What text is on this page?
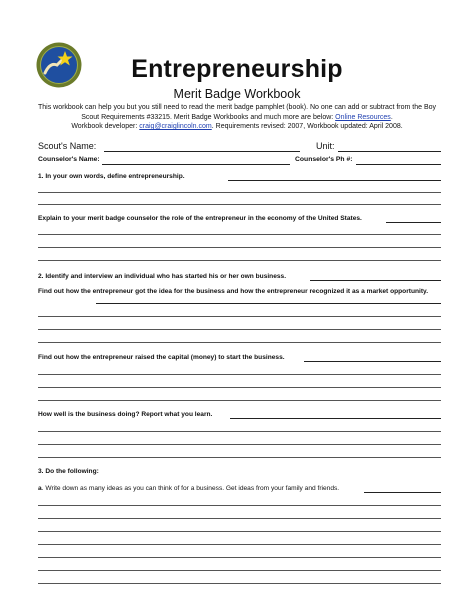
Entrepreneurship
Merit Badge Workbook
This workbook can help you but you still need to read the merit badge pamphlet (book). No one can add or subtract from the Boy
Scout Requirements #33215. Merit Badge Workbooks and much more are below: Online Resources.
Workbook developer: craig@craiglincoln.com. Requirements revised: 2007, Workbook updated: April 2008.
Scout's Name:	Unit:
Counselor's Name:	Counselor's Ph #:
1. In your own words, define entrepreneurship.
Explain to your merit badge counselor the role of the entrepreneur in the economy of the United States.
2. Identify and interview an individual who has started his or her own business.
Find out how the entrepreneur got the idea for the business and how the entrepreneur recognized it as a market opportunity.
Find out how the entrepreneur raised the capital (money) to start the business.
How well is the business doing? Report what you learn.
3. Do the following:
a. Write down as many ideas as you can think of for a business. Get ideas from your family and friends.
